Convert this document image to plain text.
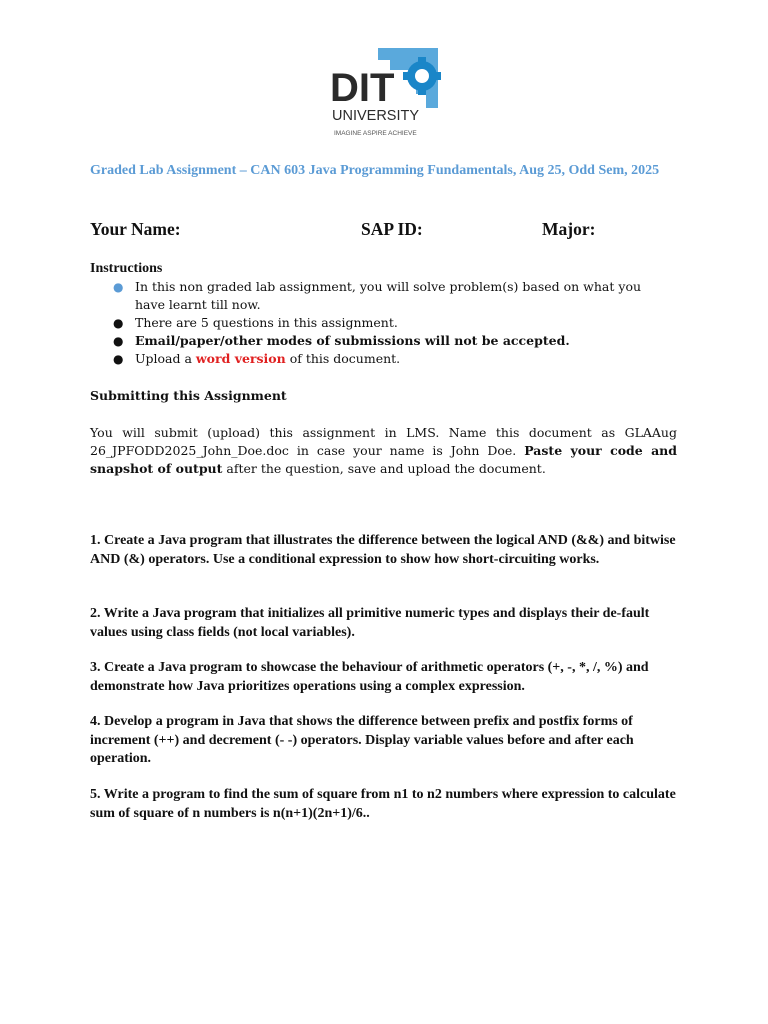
DIT
UNIVERSITY
IMAGINE ASPIRE ACHIEVE
Graded Lab Assignment – CAN 603 Java Programming Fundamentals, Aug 25, Odd Sem, 2025
Your Name:	SAP ID:	Major:
Instructions
● In this non graded lab assignment, you will solve problem(s) based on what you have learnt till now.
● There are 5 questions in this assignment.
● Email/paper/other modes of submissions will not be accepted.
● Upload a word version of this document.
Submitting this Assignment
You will submit (upload) this assignment in LMS. Name this document as GLAAug 26_JPFODD2025_John_Doe.doc in case your name is John Doe. Paste your code and snapshot of output after the question, save and upload the document.
1. Create a Java program that illustrates the difference between the logical AND (&&) and bitwise AND (&) operators. Use a conditional expression to show how short-circuiting works.
2. Write a Java program that initializes all primitive numeric types and displays their de-fault values using class fields (not local variables).
3. Create a Java program to showcase the behaviour of arithmetic operators (+, -, *, /, %) and demonstrate how Java prioritizes operations using a complex expression.
4. Develop a program in Java that shows the difference between prefix and postfix forms of increment (++) and decrement (- -) operators. Display variable values before and after each operation.
5. Write a program to find the sum of square from n1 to n2 numbers where expression to calculate sum of square of n numbers is n(n+1)(2n+1)/6..
